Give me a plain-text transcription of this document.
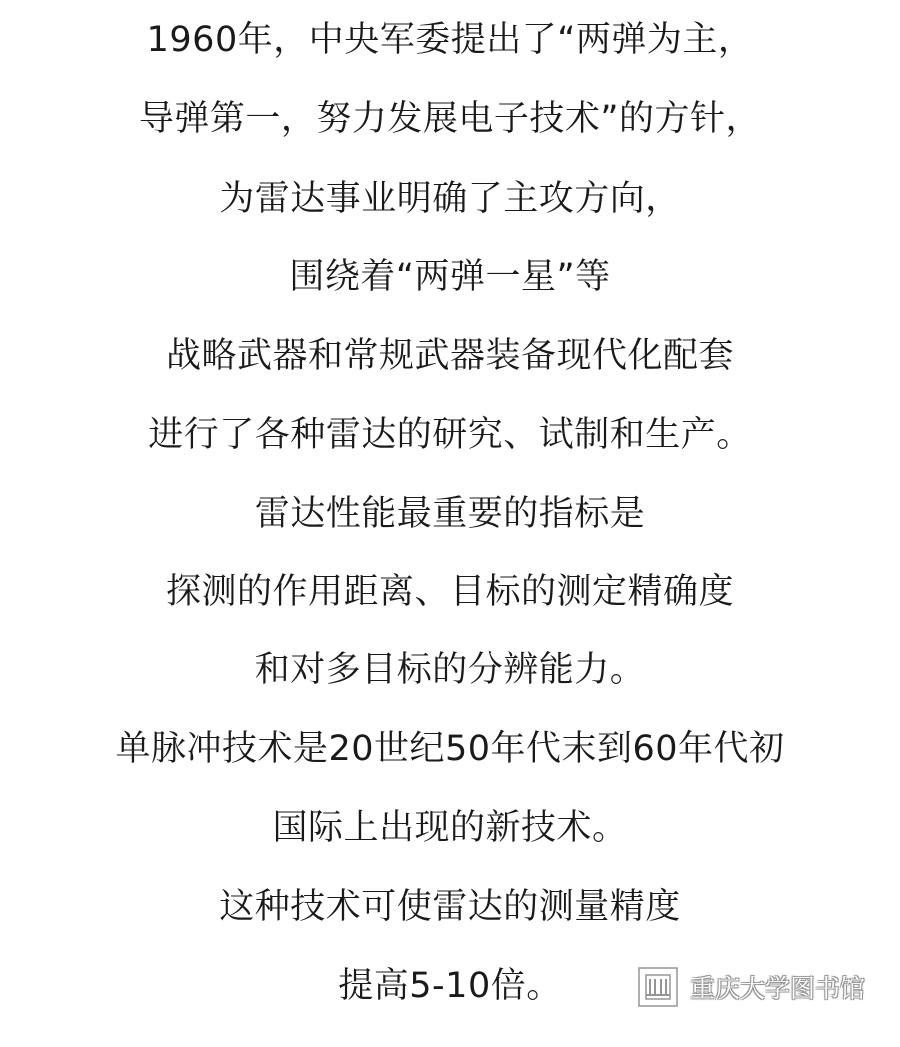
1960年，中央军委提出了“两弹为主，
导弹第一，努力发展电子技术”的方针，
为雷达事业明确了主攻方向，
围绕着“两弹一星”等
战略武器和常规武器装备现代化配套
进行了各种雷达的研究、试制和生产。
雷达性能最重要的指标是
探测的作用距离、目标的测定精确度
和对多目标的分辨能力。
单脉冲技术是20世纪50年代末到60年代初
国际上出现的新技术。
这种技术可使雷达的测量精度
提高5-10倍。	重庆大学图书馆
